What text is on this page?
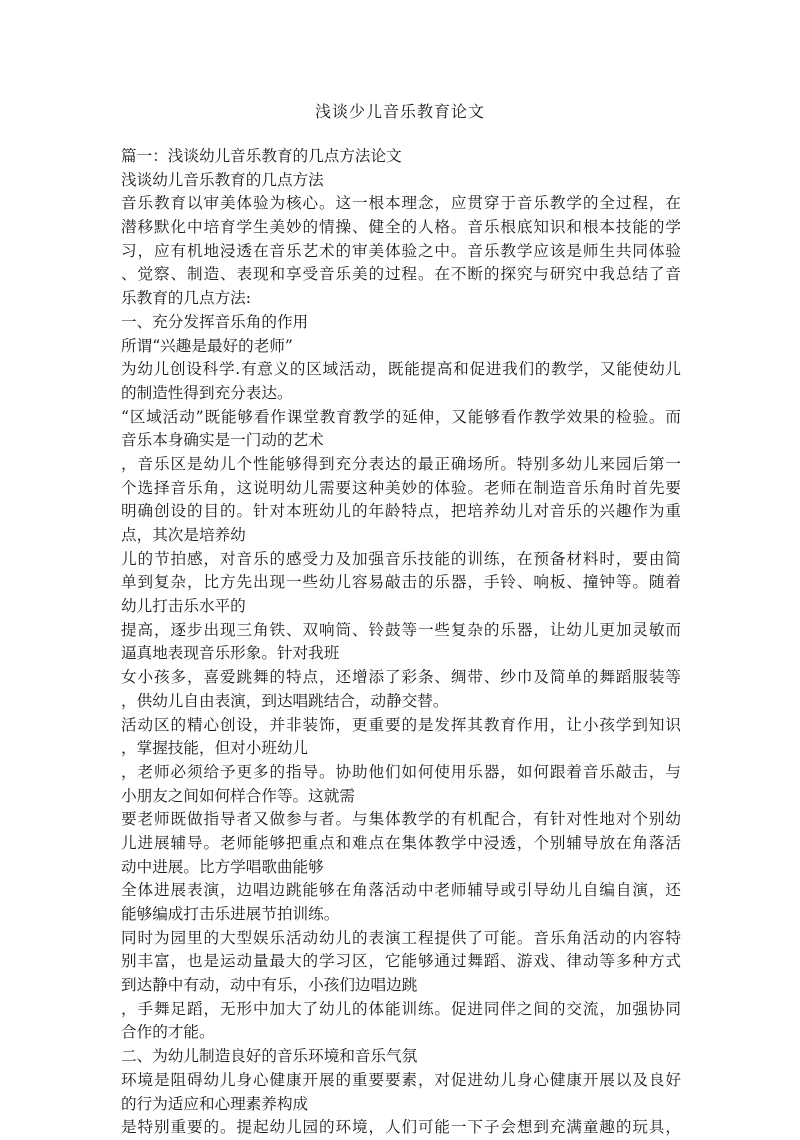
浅谈少儿音乐教育论文
篇一：浅谈幼儿音乐教育的几点方法论文
浅谈幼儿音乐教育的几点方法
音乐教育以审美体验为核心。这一根本理念，应贯穿于音乐教学的全过程，在
潜移默化中培育学生美妙的情操、健全的人格。音乐根底知识和根本技能的学
习，应有机地浸透在音乐艺术的审美体验之中。音乐教学应该是师生共同体验
、觉察、制造、表现和享受音乐美的过程。在不断的探究与研究中我总结了音
乐教育的几点方法:
一、充分发挥音乐角的作用
所谓“兴趣是最好的老师”
为幼儿创设科学.有意义的区域活动，既能提高和促进我们的教学，又能使幼儿
的制造性得到充分表达。
“区域活动”既能够看作课堂教育教学的延伸，又能够看作教学效果的检验。而
音乐本身确实是一门动的艺术
，音乐区是幼儿个性能够得到充分表达的最正确场所。特别多幼儿来园后第一
个选择音乐角，这说明幼儿需要这种美妙的体验。老师在制造音乐角时首先要
明确创设的目的。针对本班幼儿的年龄特点，把培养幼儿对音乐的兴趣作为重
点，其次是培养幼
儿的节拍感，对音乐的感受力及加强音乐技能的训练，在预备材料时，要由简
单到复杂，比方先出现一些幼儿容易敲击的乐器，手铃、响板、撞钟等。随着
幼儿打击乐水平的
提高，逐步出现三角铁、双响筒、铃鼓等一些复杂的乐器，让幼儿更加灵敏而
逼真地表现音乐形象。针对我班
女小孩多，喜爱跳舞的特点，还增添了彩条、绸带、纱巾及简单的舞蹈服装等
，供幼儿自由表演，到达唱跳结合，动静交替。
活动区的精心创设，并非装饰，更重要的是发挥其教育作用，让小孩学到知识
，掌握技能，但对小班幼儿
，老师必须给予更多的指导。协助他们如何使用乐器，如何跟着音乐敲击，与
小朋友之间如何样合作等。这就需
要老师既做指导者又做参与者。与集体教学的有机配合，有针对性地对个别幼
儿进展辅导。老师能够把重点和难点在集体教学中浸透，个别辅导放在角落活
动中进展。比方学唱歌曲能够
全体进展表演，边唱边跳能够在角落活动中老师辅导或引导幼儿自编自演，还
能够编成打击乐进展节拍训练。
同时为园里的大型娱乐活动幼儿的表演工程提供了可能。音乐角活动的内容特
别丰富，也是运动量最大的学习区，它能够通过舞蹈、游戏、律动等多种方式
到达静中有动，动中有乐，小孩们边唱边跳
，手舞足蹈，无形中加大了幼儿的体能训练。促进同伴之间的交流，加强协同
合作的才能。
二、为幼儿制造良好的音乐环境和音乐气氛
环境是阻碍幼儿身心健康开展的重要要素，对促进幼儿身心健康开展以及良好
的行为适应和心理素养构成
是特别重要的。提起幼儿园的环境，人们可能一下子会想到充满童趣的玩具，
